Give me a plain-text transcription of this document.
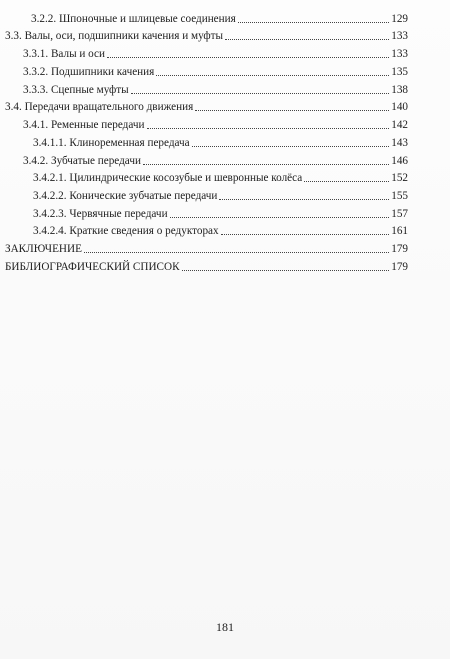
3.2.2. Шпоночные и шлицевые соединения	129
3.3. Валы, оси, подшипники качения и муфты	133
3.3.1. Валы и оси	133
3.3.2. Подшипники качения	135
3.3.3. Сцепные муфты	138
3.4. Передачи вращательного движения	140
3.4.1. Ременные передачи	142
3.4.1.1. Клиноременная передача	143
3.4.2. Зубчатые передачи	146
3.4.2.1. Цилиндрические косозубые и шевронные колёса	152
3.4.2.2. Конические зубчатые передачи	155
3.4.2.3. Червячные передачи	157
3.4.2.4. Краткие сведения о редукторах	161
ЗАКЛЮЧЕНИЕ	179
БИБЛИОГРАФИЧЕСКИЙ СПИСОК	179
181
